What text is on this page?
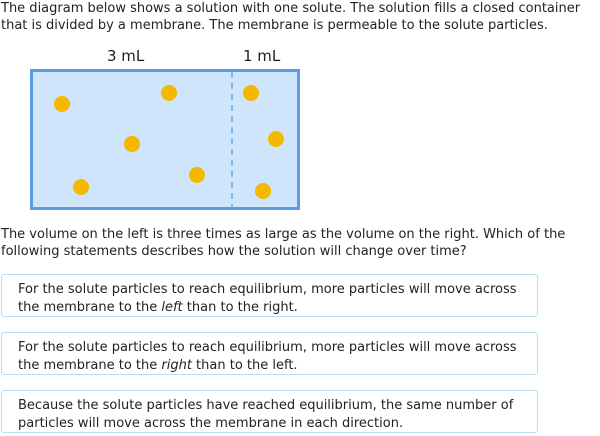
The diagram below shows a solution with one solute. The solution fills a closed container that is divided by a membrane. The membrane is permeable to the solute particles.

3 mL	1 mL

The volume on the left is three times as large as the volume on the right. Which of the following statements describes how the solution will change over time?

For the solute particles to reach equilibrium, more particles will move across
the membrane to the left than to the right.
For the solute particles to reach equilibrium, more particles will move across
the membrane to the right than to the left.
Because the solute particles have reached equilibrium, the same number of
particles will move across the membrane in each direction.
